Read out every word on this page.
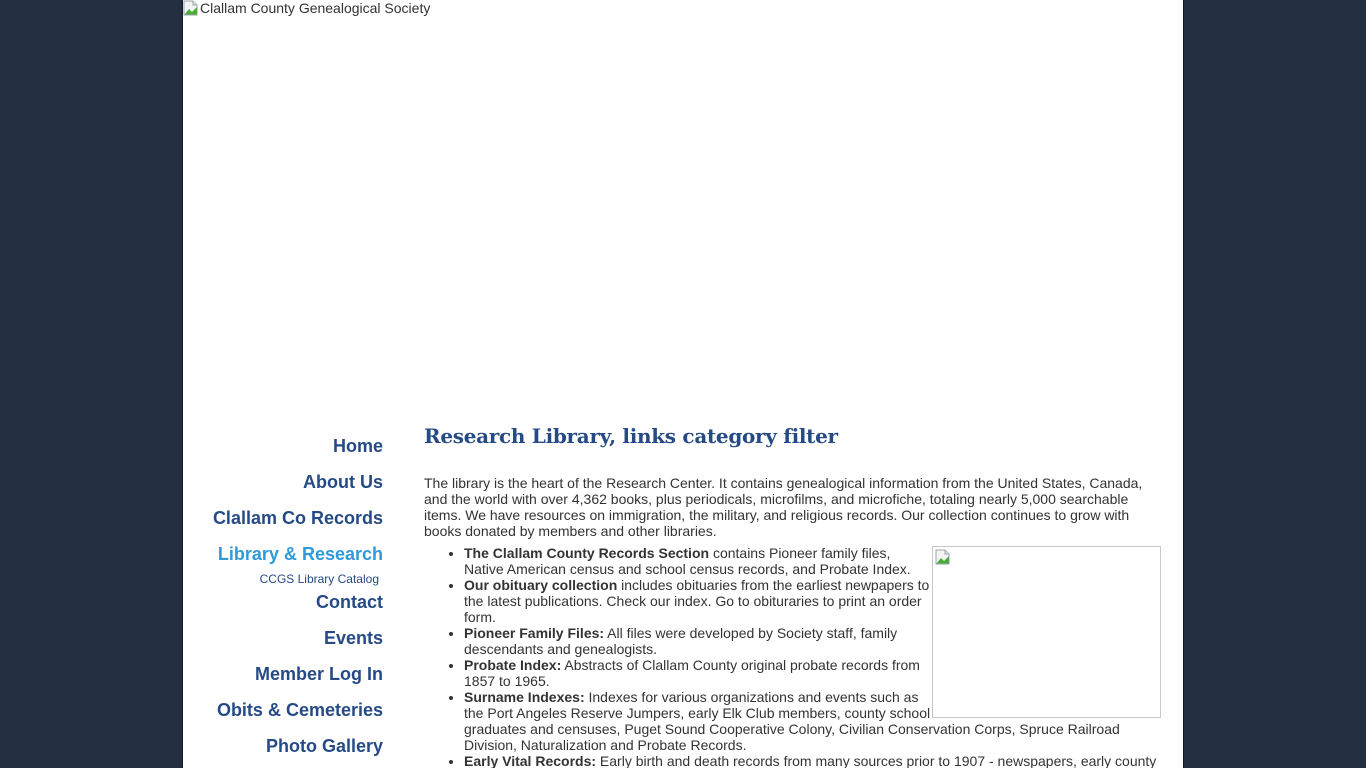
Clallam County Genealogical Society
Home
About Us
Clallam Co Records
Library & Research
CCGS Library Catalog
Contact
Events
Member Log In
Obits & Cemeteries
Photo Gallery
Research Library, links category filter

The library is the heart of the Research Center. It contains genealogical information from the United States, Canada, and the world with over 4,362 books, plus periodicals, microfilms, and microfiche, totaling nearly 5,000 searchable items. We have resources on immigration, the military, and religious records. Our collection continues to grow with books donated by members and other libraries.

• The Clallam County Records Section contains Pioneer family files, Native American census and school census records, and Probate Index.
• Our obituary collection includes obituaries from the earliest newpapers to the latest publications. Check our index. Go to obituraries to print an order form.
• Pioneer Family Files: All files were developed by Society staff, family descendants and genealogists.
• Probate Index: Abstracts of Clallam County original probate records from 1857 to 1965.
• Surname Indexes: Indexes for various organizations and events such as the Port Angeles Reserve Jumpers, early Elk Club members, county school graduates and censuses, Puget Sound Cooperative Colony, Civilian Conservation Corps, Spruce Railroad Division, Naturalization and Probate Records.
• Early Vital Records: Early birth and death records from many sources prior to 1907 - newspapers, early county
